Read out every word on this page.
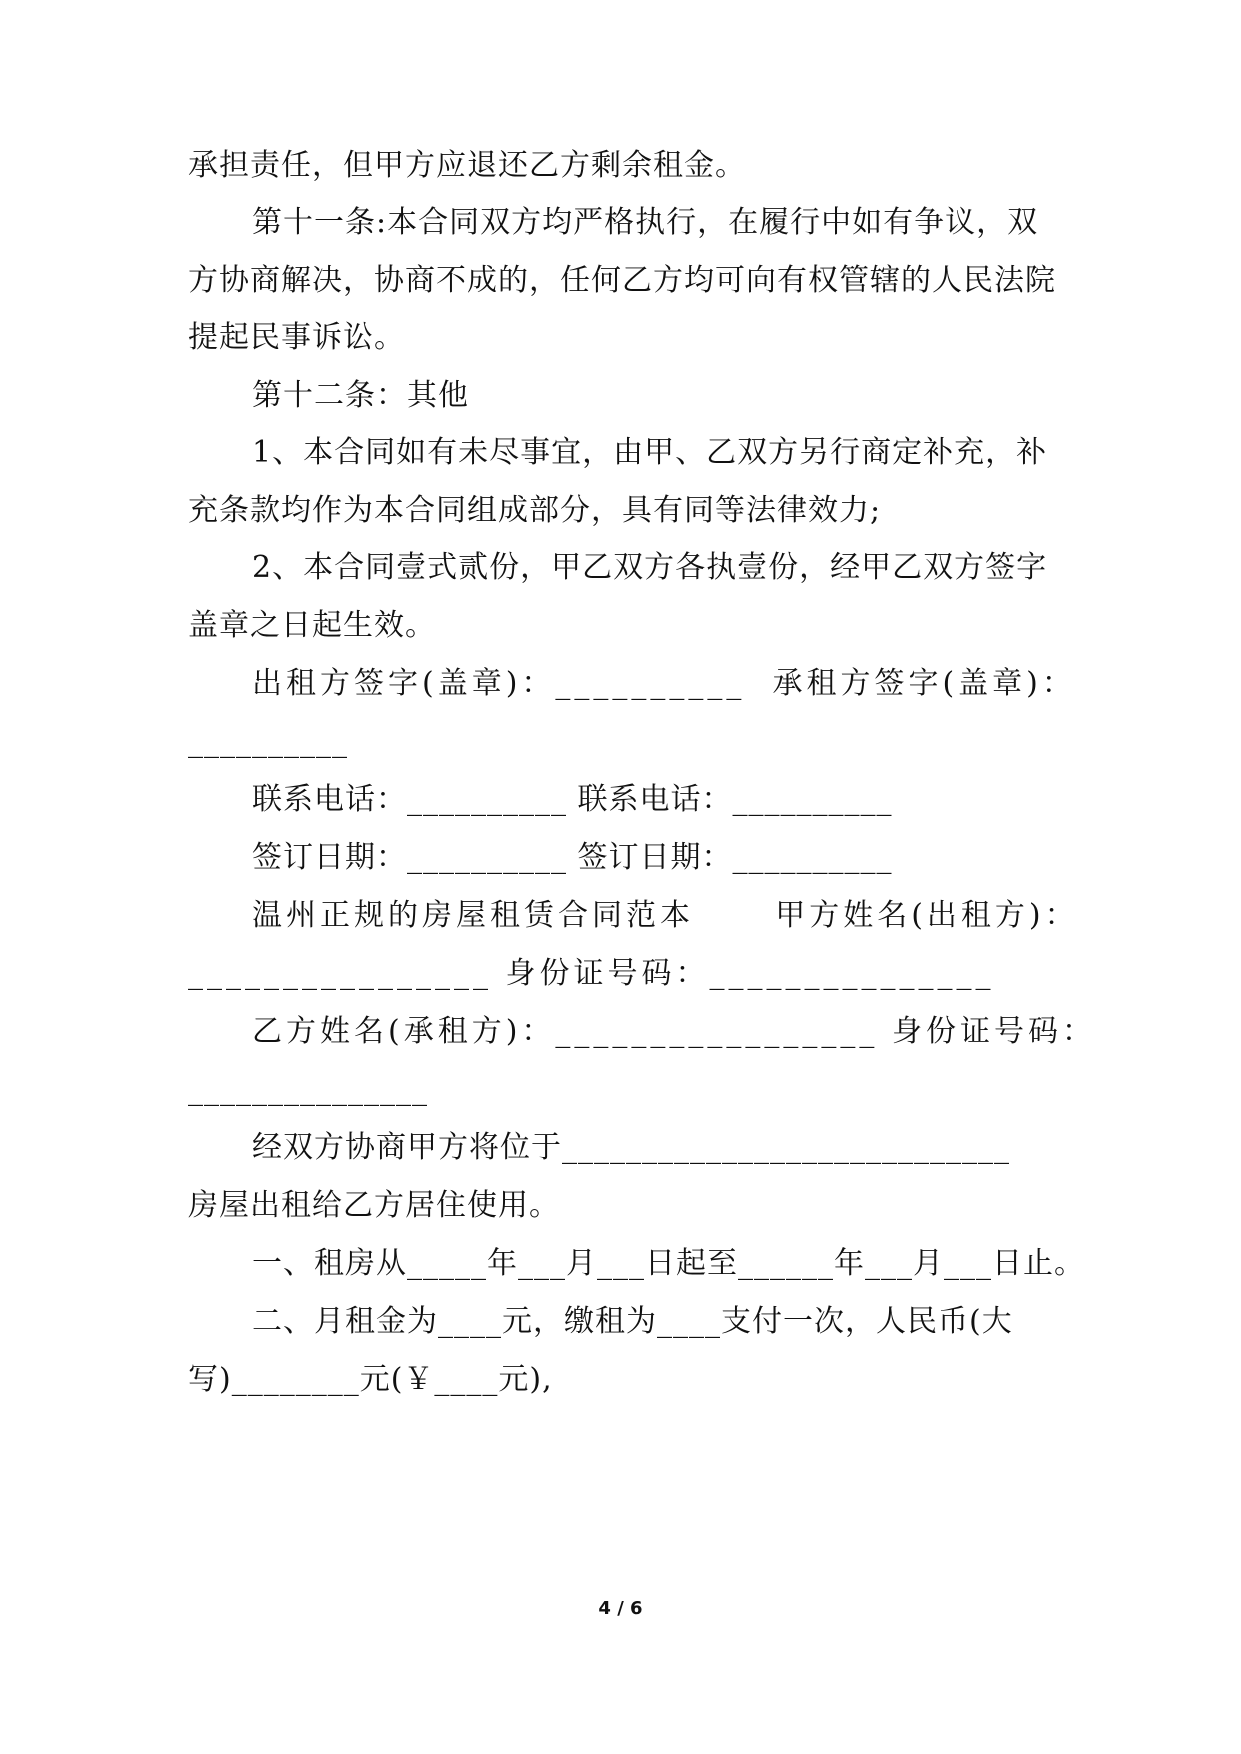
承担责任，但甲方应退还乙方剩余租金。
第十一条:本合同双方均严格执行，在履行中如有争议，双
方协商解决，协商不成的，任何乙方均可向有权管辖的人民法院
提起民事诉讼。
第十二条：其他
1、本合同如有未尽事宜，由甲、乙双方另行商定补充，补
充条款均作为本合同组成部分，具有同等法律效力;
2、本合同壹式贰份，甲乙双方各执壹份，经甲乙双方签字
盖章之日起生效。
出租方签字(盖章)：__________  承租方签字(盖章)：
__________
联系电话：__________ 联系电话：__________
签订日期：__________ 签订日期：__________
温州正规的房屋租赁合同范本      甲方姓名(出租方)：
________________ 身份证号码：_______________
乙方姓名(承租方)：_________________ 身份证号码：
_______________
经双方协商甲方将位于____________________________
房屋出租给乙方居住使用。
一、租房从_____年___月___日起至______年___月___日止。
二、月租金为____元，缴租为____支付一次，人民币(大
写)________元(￥____元),
4 / 6
